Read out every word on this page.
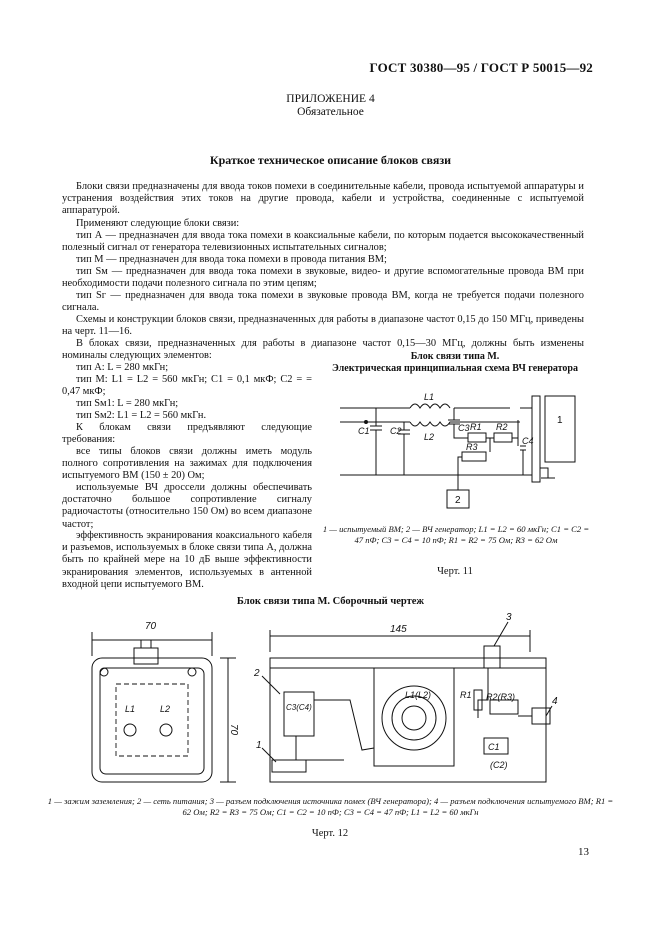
ГОСТ 30380—95 / ГОСТ Р 50015—92
ПРИЛОЖЕНИЕ 4
Обязательное
Краткое техническое описание блоков связи
Блоки связи предназначены для ввода токов помехи в соединительные кабели, провода испытуемой аппаратуры и устранения воздействия этих токов на другие провода, кабели и устройства, соединенные с испытуемой аппаратурой.
Применяют следующие блоки связи:
тип А — предназначен для ввода тока помехи в коаксиальные кабели, по которым подается высококачественный полезный сигнал от генератора телевизионных испытательных сигналов;
тип М — предназначен для ввода тока помехи в провода питания ВМ;
тип Sм — предназначен для ввода тока помехи в звуковые, видео- и другие вспомогательные провода ВМ при необходимости подачи полезного сигнала по этим цепям;
тип Sг — предназначен для ввода тока помехи в звуковые провода ВМ, когда не требуется подачи полезного сигнала.
Схемы и конструкции блоков связи, предназначенных для работы в диапазоне частот 0,15 до 150 МГц, приведены на черт. 11—16.
В блоках связи, предназначенных для работы в диапазоне частот 0,15—30 МГц, должны быть изменены номиналы следующих элементов:
тип А: L = 280 мкГн;
тип М: L1 = L2 = 560 мкГн; C1 = 0,1 мкФ; C2 = = 0,47 мкФ;
тип Sм1: L = 280 мкГн;
тип Sм2: L1 = L2 = 560 мкГн.
К блокам связи предъявляют следующие требования:
все типы блоков связи должны иметь модуль полного сопротивления на зажимах для подключения испытуемого ВМ (150 ± 20) Ом;
используемые ВЧ дроссели должны обеспечивать достаточно большое сопротивление сигналу радиочастоты (относительно 150 Ом) во всем диапазоне частот;
эффективность экранирования коаксиального кабеля и разъемов, используемых в блоке связи типа А, должна быть по крайней мере на 10 дБ выше эффективности экранирования элементов, используемых в антенной входной цепи испытуемого ВМ.
Блок связи типа М.
Электрическая принципиальная схема ВЧ генератора
L1
L2
C1 C2	C3 R1 R2
C4
R3
2
1
1 — испытуемый ВМ; 2 — ВЧ генератор; L1 = L2 = 60 мкГн; C1 = C2 = 47 пФ; C3 = C4 = 10 пФ; R1 = R2 = 75 Ом; R3 = 62 Ом
Черт. 11
Блок связи типа М. Сборочный чертеж
70
L1	L2
70
145
L1(L2)
C3(C4)
R1 R2(R3)
C1
(C2)
2
1
3
4
1 — зажим заземления; 2 — сеть питания; 3 — разъем подключения источника помех (ВЧ генератора); 4 — разъем подключения испытуемого ВМ; R1 = 62 Ом; R2 = R3 = 75 Ом; C1 = C2 = 10 пФ; C3 = C4 = 47 пФ; L1 = L2 = 60 мкГн
Черт. 12
13
